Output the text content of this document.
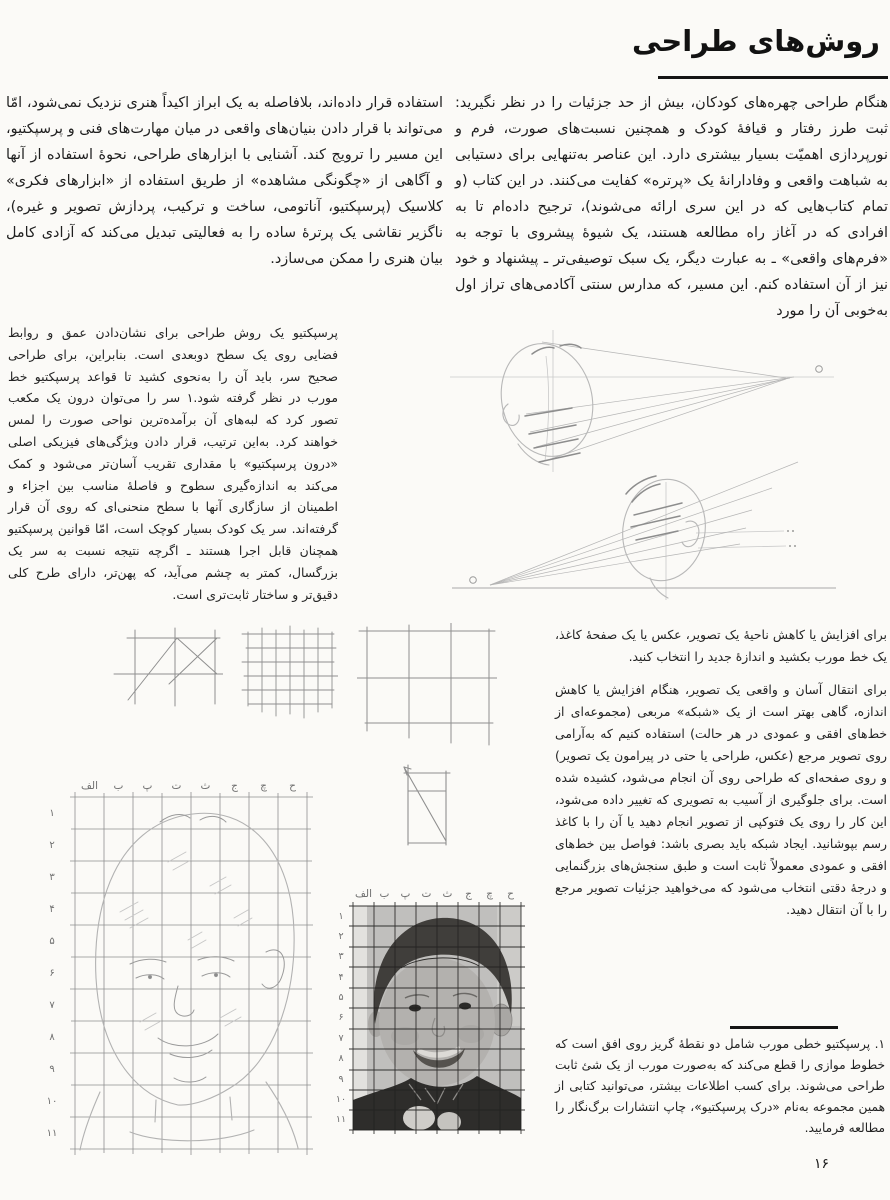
روش‌های طراحی

هنگام طراحی چهره‌های کودکان، بیش از حد جزئیات را در نظر نگیرید: ثبت طرز رفتار و قیافهٔ کودک و همچنین نسبت‌های صورت، فرم و نورپردازی اهمیّت بسیار بیشتری دارد. این عناصر به‌تنهایی برای دستیابی به شباهت واقعی و وفادارانهٔ یک «پرتره» کفایت می‌کنند. در این کتاب (و تمام کتاب‌هایی که در این سری ارائه می‌شوند)، ترجیح داده‌ام تا به افرادی که در آغاز راه مطالعه هستند، یک شیوهٔ پیشروی با توجه به «فرم‌های واقعی» ـ به عبارت دیگر، یک سبک توصیفی‌تر ـ پیشنهاد و خود نیز از آن استفاده کنم. این مسیر، که مدارس سنتی آکادمی‌های تراز اول به‌خوبی آن را مورد

استفاده قرار داده‌اند، بلافاصله به یک ابراز اکیداً هنری نزدیک نمی‌شود، امّا می‌تواند با قرار دادن بنیان‌های واقعی در میان مهارت‌های فنی و پرسپکتیو، این مسیر را ترویج کند. آشنایی با ابزارهای طراحی، نحوهٔ استفاده از آنها و آگاهی از «چگونگی مشاهده» از طریق استفاده از «ابزارهای فکری» کلاسیک (پرسپکتیو، آناتومی، ساخت و ترکیب، پردازش تصویر و غیره)، ناگزیر نقاشی یک پرترهٔ ساده را به فعالیتی تبدیل می‌کند که آزادی کامل بیان هنری را ممکن می‌سازد.

پرسپکتیو یک روش طراحی برای نشان‌دادن عمق و روابط فضایی روی یک سطح دوبعدی است. بنابراین، برای طراحی صحیح سر، باید آن را به‌نحوی کشید تا قواعد پرسپکتیو خط مورب در نظر گرفته شود.۱ سر را می‌توان درون یک مکعب تصور کرد که لبه‌های آن برآمده‌ترین نواحی صورت را لمس خواهند کرد. به‌این ترتیب، قرار دادن ویژگی‌های فیزیکی اصلی «درون پرسپکتیو» با مقداری تقریب آسان‌تر می‌شود و کمک می‌کند به اندازه‌گیری سطوح و فاصلهٔ مناسب بین اجزاء و اطمینان از سازگاری آنها با سطح منحنی‌ای که روی آن قرار گرفته‌اند. سر یک کودک بسیار کوچک است، امّا قوانین پرسپکتیو همچنان قابل اجرا هستند ـ اگرچه نتیجه نسبت به سر یک بزرگسال، کمتر به چشم می‌آید، که پهن‌تر، دارای طرح کلی دقیق‌تر و ساختار ثابت‌تری است.

برای افزایش یا کاهش ناحیهٔ یک تصویر، عکس یا یک صفحهٔ کاغذ، یک خط مورب بکشید و اندازهٔ جدید را انتخاب کنید.

برای انتقال آسان و واقعی یک تصویر، هنگام افزایش یا کاهش اندازه، گاهی بهتر است از یک «شبکه» مربعی (مجموعه‌ای از خط‌های افقی و عمودی در هر حالت) استفاده کنیم که به‌آرامی روی تصویر مرجع (عکس، طراحی یا حتی در پیرامون یک تصویر) و روی صفحه‌ای که طراحی روی آن انجام می‌شود، کشیده شده است. برای جلوگیری از آسیب به تصویری که تغییر داده می‌شود، این کار را روی یک فتوکپی از تصویر انجام دهید یا آن را با کاغذ رسم بپوشانید. ایجاد شبکه باید بصری باشد: فواصل بین خط‌های افقی و عمودی معمولاً ثابت است و طبق سنجش‌های بزرگنمایی و درجهٔ دقتی انتخاب می‌شود که می‌خواهید جزئیات تصویر مرجع را با آن انتقال دهید.

الف	ب	پ	ت	ث	ج	چ	ح
۱
۲
۳
۴
۵
۶
۷
۸
۹
۱۰
۱۱
الف ب	پ	ت	ث	ج	چ	ح
۱
۲
۳
۴
۵
۶
۷
۸
۹
۱۰
۱۱

۱. پرسپکتیو خطی مورب شامل دو نقطهٔ گریز روی افق است که خطوط موازی را قطع می‌کند که به‌صورت مورب از یک شئ ثابت طراحی می‌شوند. برای کسب اطلاعات بیشتر، می‌توانید کتابی از همین مجموعه به‌نام «درک پرسپکتیو»، چاپ انتشارات برگ‌نگار را مطالعه فرمایید.

۱۶
